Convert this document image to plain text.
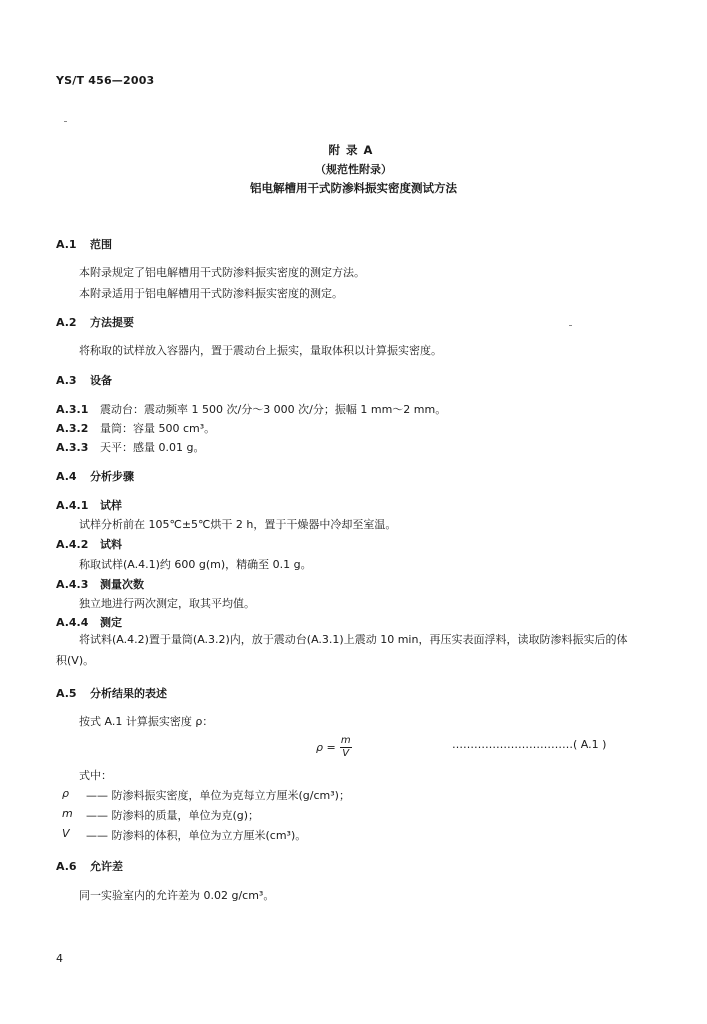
YS/T 456—2003
附录A
（规范性附录）
铝电解槽用干式防渗料振实密度测试方法
A.1 范围
本附录规定了铝电解槽用干式防渗料振实密度的测定方法。
本附录适用于铝电解槽用干式防渗料振实密度的测定。
A.2 方法提要
将称取的试样放入容器内，置于震动台上振实，量取体积以计算振实密度。
A.3 设备
A.3.1 震动台：震动频率 1 500 次/分～3 000 次/分；振幅 1 mm～2 mm。
A.3.2 量筒：容量 500 cm³。
A.3.3 天平：感量 0.01 g。
A.4 分析步骤
A.4.1 试样
试样分析前在 105℃±5℃烘干 2 h，置于干燥器中冷却至室温。
A.4.2 试料
称取试样(A.4.1)约 600 g(m)，精确至 0.1 g。
A.4.3 测量次数
独立地进行两次测定，取其平均值。
A.4.4 测定
将试料(A.4.2)置于量筒(A.3.2)内，放于震动台(A.3.1)上震动 10 min，再压实表面浮料，读取防渗料振实后的体积(V)。
A.5 分析结果的表述
按式 A.1 计算振实密度 ρ：
$\rho = \frac{m}{V}$	……………………………( A.1 )
式中：
ρ	—— 防渗料振实密度，单位为克每立方厘米(g/cm³)；
m	—— 防渗料的质量，单位为克(g)；
V	—— 防渗料的体积，单位为立方厘米(cm³)。
A.6 允许差
同一实验室内的允许差为 0.02 g/cm³。
4
